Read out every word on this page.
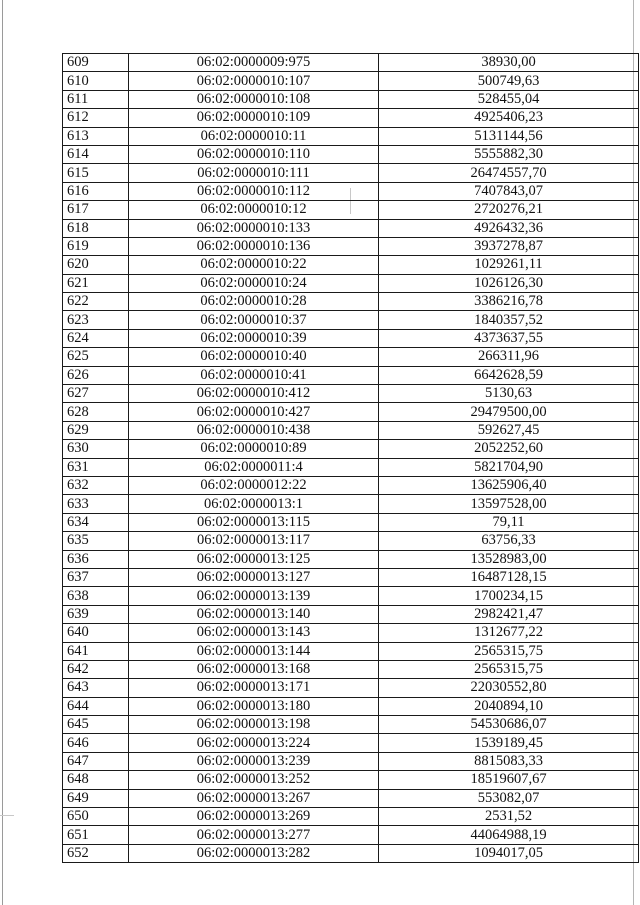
609	06:02:0000009:975	38930,00
610	06:02:0000010:107	500749,63
611	06:02:0000010:108	528455,04
612	06:02:0000010:109	4925406,23
613	06:02:0000010:11	5131144,56
614	06:02:0000010:110	5555882,30
615	06:02:0000010:111	26474557,70
616	06:02:0000010:112	7407843,07
617	06:02:0000010:12	2720276,21
618	06:02:0000010:133	4926432,36
619	06:02:0000010:136	3937278,87
620	06:02:0000010:22	1029261,11
621	06:02:0000010:24	1026126,30
622	06:02:0000010:28	3386216,78
623	06:02:0000010:37	1840357,52
624	06:02:0000010:39	4373637,55
625	06:02:0000010:40	266311,96
626	06:02:0000010:41	6642628,59
627	06:02:0000010:412	5130,63
628	06:02:0000010:427	29479500,00
629	06:02:0000010:438	592627,45
630	06:02:0000010:89	2052252,60
631	06:02:0000011:4	5821704,90
632	06:02:0000012:22	13625906,40
633	06:02:0000013:1	13597528,00
634	06:02:0000013:115	79,11
635	06:02:0000013:117	63756,33
636	06:02:0000013:125	13528983,00
637	06:02:0000013:127	16487128,15
638	06:02:0000013:139	1700234,15
639	06:02:0000013:140	2982421,47
640	06:02:0000013:143	1312677,22
641	06:02:0000013:144	2565315,75
642	06:02:0000013:168	2565315,75
643	06:02:0000013:171	22030552,80
644	06:02:0000013:180	2040894,10
645	06:02:0000013:198	54530686,07
646	06:02:0000013:224	1539189,45
647	06:02:0000013:239	8815083,33
648	06:02:0000013:252	18519607,67
649	06:02:0000013:267	553082,07
650	06:02:0000013:269	2531,52
651	06:02:0000013:277	44064988,19
652	06:02:0000013:282	1094017,05
